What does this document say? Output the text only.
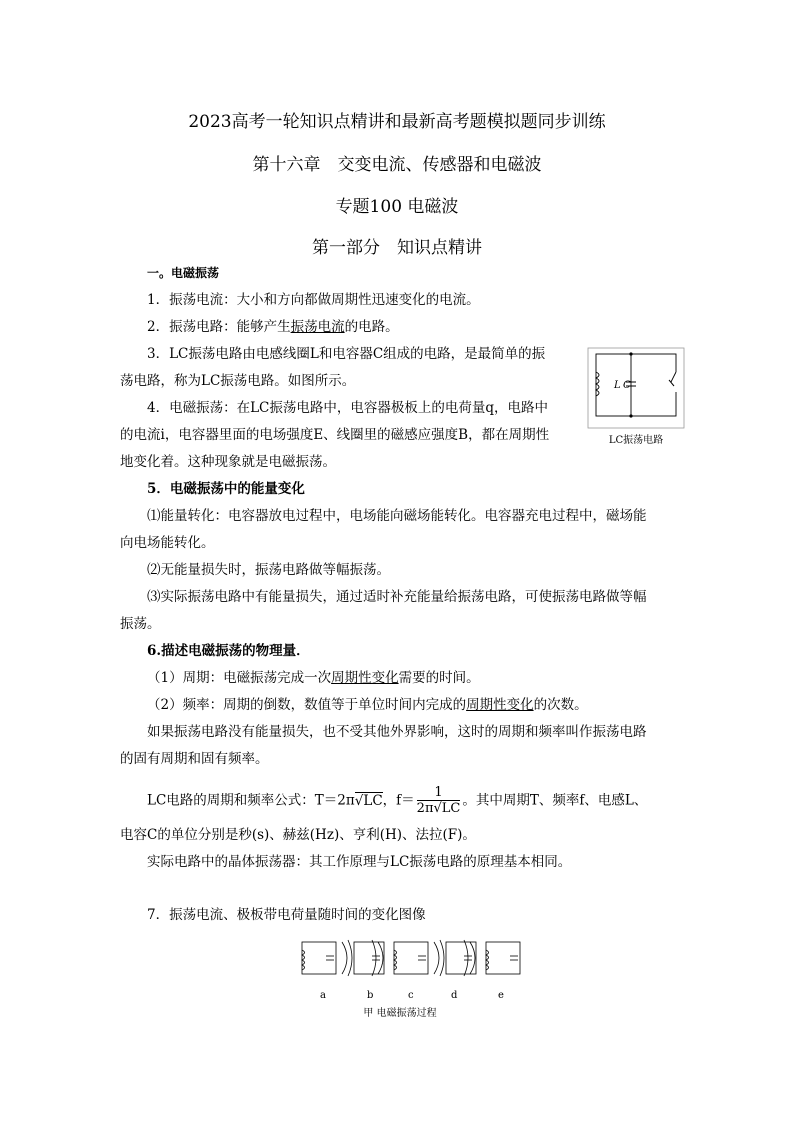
2023高考一轮知识点精讲和最新高考题模拟题同步训练
第十六章　交变电流、传感器和电磁波
专题100 电磁波
第一部分　知识点精讲
一。电磁振荡
1．振荡电流：大小和方向都做周期性迅速变化的电流。
2．振荡电路：能够产生振荡电流的电路。
3．LC振荡电路由电感线圈L和电容器C组成的电路，是最简单的振
荡电路，称为LC振荡电路。如图所示。
4．电磁振荡：在LC振荡电路中，电容器极板上的电荷量q，电路中
的电流i，电容器里面的电场强度E、线圈里的磁感应强度B，都在周期性
地变化着。这种现象就是电磁振荡。
L C
LC振荡电路
5．电磁振荡中的能量变化
⑴能量转化：电容器放电过程中，电场能向磁场能转化。电容器充电过程中，磁场能
向电场能转化。
⑵无能量损失时，振荡电路做等幅振荡。
⑶实际振荡电路中有能量损失，通过适时补充能量给振荡电路，可使振荡电路做等幅
振荡。
6.描述电磁振荡的物理量．
（1）周期：电磁振荡完成一次周期性变化需要的时间。
（2）频率：周期的倒数，数值等于单位时间内完成的周期性变化的次数。
如果振荡电路没有能量损失，也不受其他外界影响，这时的周期和频率叫作振荡电路
的固有周期和固有频率。
LC电路的周期和频率公式：T＝2π√LC，$f= \frac{1}{2\pi√LC}$ 。其中周期T、频率f、电感L、
电容C的单位分别是秒(s)、赫兹(Hz)、亨利(H)、法拉(F)。
实际电路中的晶体振荡器：其工作原理与LC振荡电路的原理基本相同。
7．振荡电流、极板带电荷量随时间的变化图像
a	b	c	d	e
甲 电磁振荡过程
